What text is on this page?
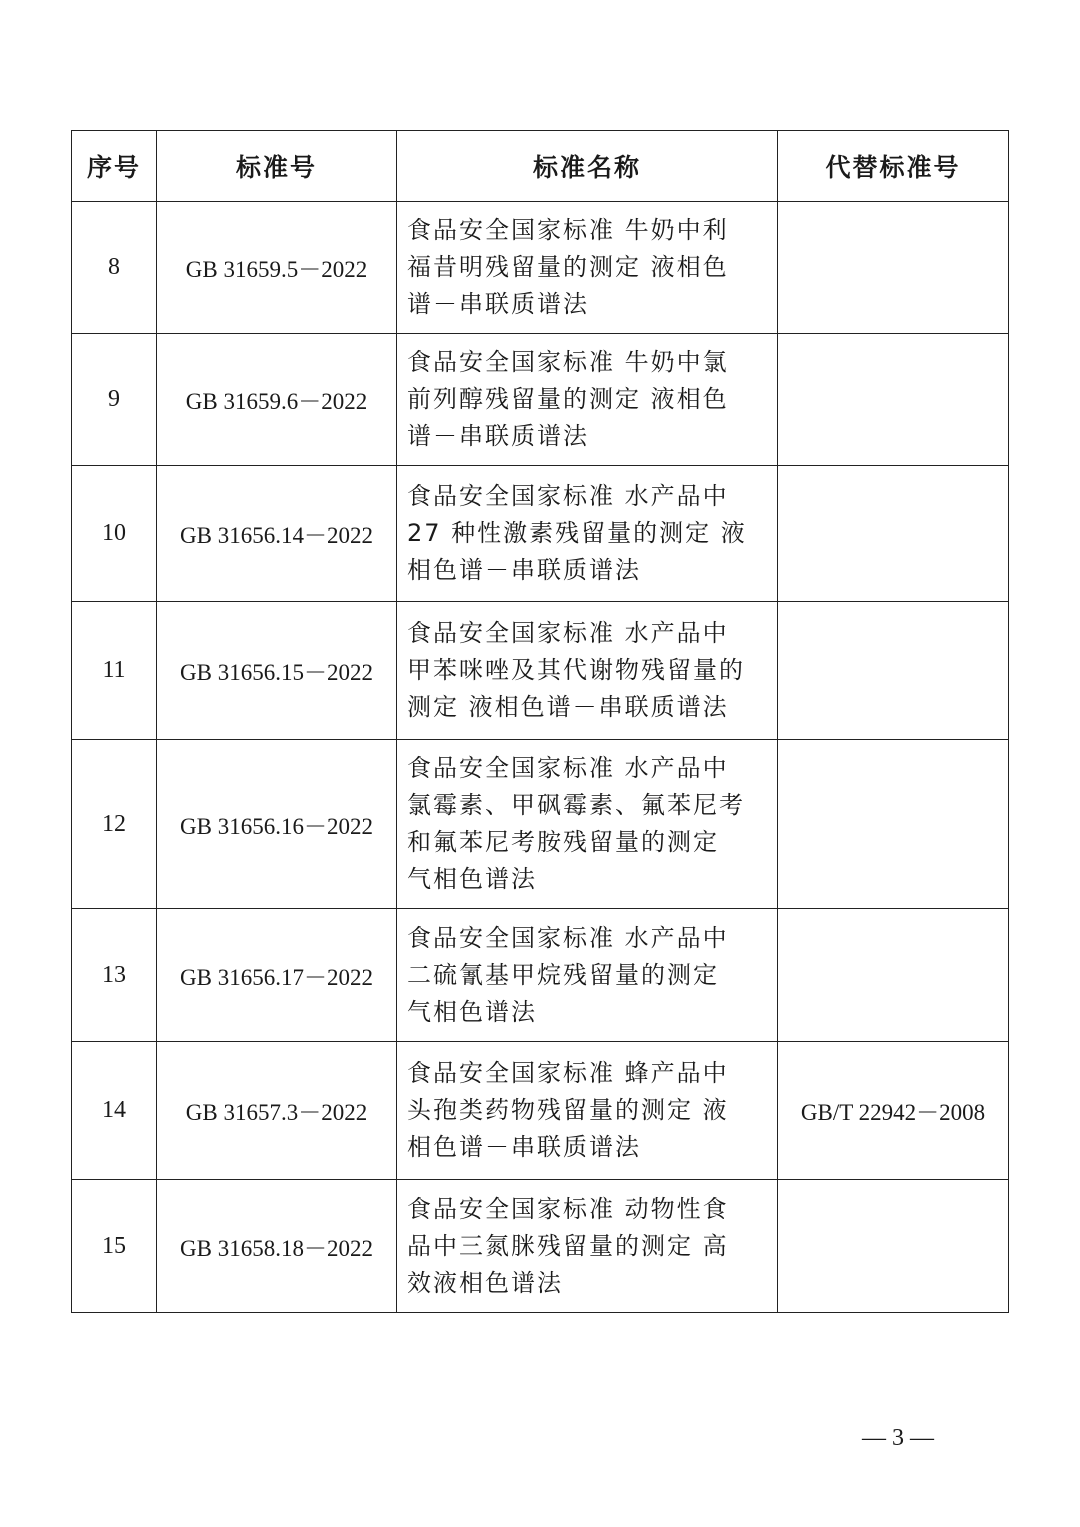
序号	标准号	标准名称	代替标准号
8	GB 31659.5－2022	食品安全国家标准 牛奶中利
福昔明残留量的测定 液相色
谱－串联质谱法	

9	GB 31659.6－2022	食品安全国家标准 牛奶中氯
前列醇残留量的测定 液相色
谱－串联质谱法	

10	GB 31656.14－2022	食品安全国家标准 水产品中
27 种性激素残留量的测定 液
相色谱－串联质谱法	

11	GB 31656.15－2022	食品安全国家标准 水产品中
甲苯咪唑及其代谢物残留量的
测定 液相色谱－串联质谱法	

12	GB 31656.16－2022	食品安全国家标准 水产品中
氯霉素、甲砜霉素、氟苯尼考
和氟苯尼考胺残留量的测定
气相色谱法	

13	GB 31656.17－2022	食品安全国家标准 水产品中
二硫氰基甲烷残留量的测定
气相色谱法	

14	GB 31657.3－2022	食品安全国家标准 蜂产品中
头孢类药物残留量的测定 液
相色谱－串联质谱法	GB/T 22942－2008
15	GB 31658.18－2022	食品安全国家标准 动物性食
品中三氮脒残留量的测定 高
效液相色谱法	

— 3 —
